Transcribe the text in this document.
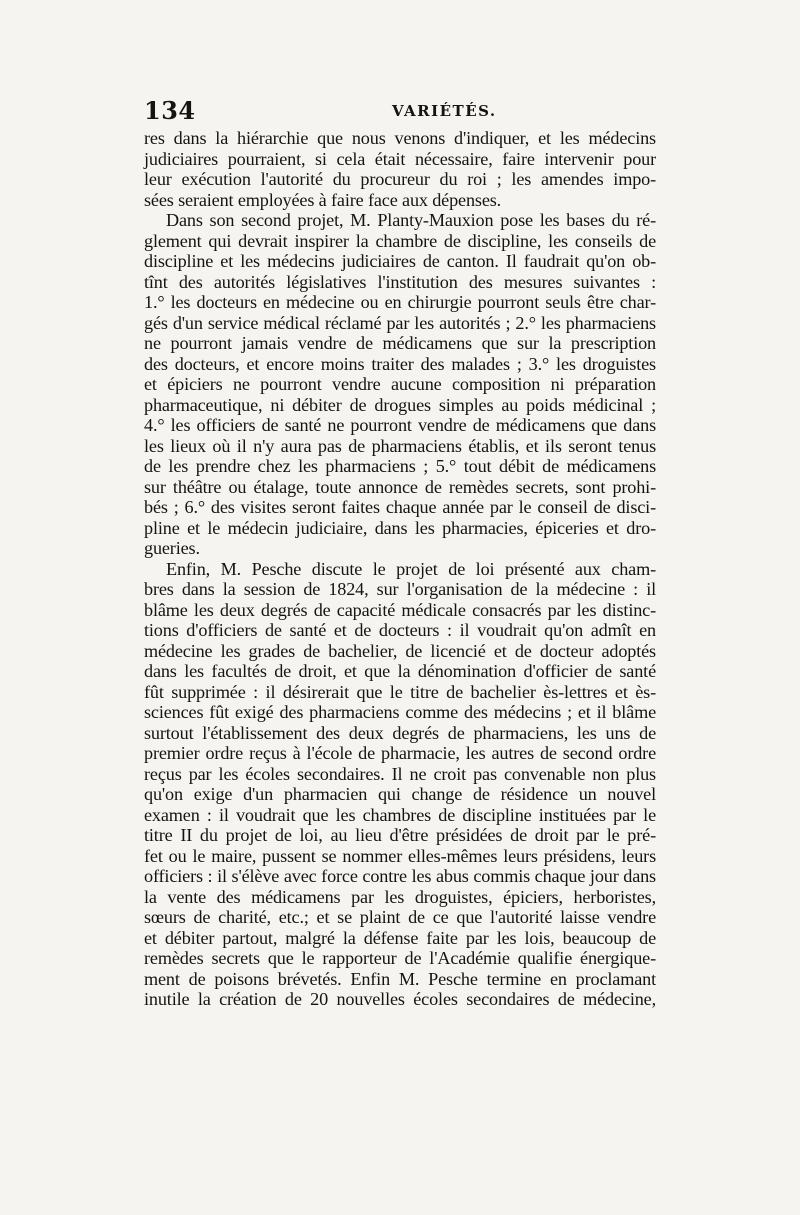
134	VARIÉTÉS.
res dans la hiérarchie que nous venons d'indiquer, et les médecins
judiciaires pourraient, si cela était nécessaire, faire intervenir pour
leur exécution l'autorité du procureur du roi ; les amendes impo-
sées seraient employées à faire face aux dépenses.
Dans son second projet, M. Planty-Mauxion pose les bases du ré-
glement qui devrait inspirer la chambre de discipline, les conseils de
discipline et les médecins judiciaires de canton. Il faudrait qu'on ob-
tînt des autorités législatives l'institution des mesures suivantes :
1.° les docteurs en médecine ou en chirurgie pourront seuls être char-
gés d'un service médical réclamé par les autorités ; 2.° les pharmaciens
ne pourront jamais vendre de médicamens que sur la prescription
des docteurs, et encore moins traiter des malades ; 3.° les droguistes
et épiciers ne pourront vendre aucune composition ni préparation
pharmaceutique, ni débiter de drogues simples au poids médicinal ;
4.° les officiers de santé ne pourront vendre de médicamens que dans
les lieux où il n'y aura pas de pharmaciens établis, et ils seront tenus
de les prendre chez les pharmaciens ; 5.° tout débit de médicamens
sur théâtre ou étalage, toute annonce de remèdes secrets, sont prohi-
bés ; 6.° des visites seront faites chaque année par le conseil de disci-
pline et le médecin judiciaire, dans les pharmacies, épiceries et dro-
gueries.
Enfin, M. Pesche discute le projet de loi présenté aux cham-
bres dans la session de 1824, sur l'organisation de la médecine : il
blâme les deux degrés de capacité médicale consacrés par les distinc-
tions d'officiers de santé et de docteurs : il voudrait qu'on admît en
médecine les grades de bachelier, de licencié et de docteur adoptés
dans les facultés de droit, et que la dénomination d'officier de santé
fût supprimée : il désirerait que le titre de bachelier ès-lettres et ès-
sciences fût exigé des pharmaciens comme des médecins ; et il blâme
surtout l'établissement des deux degrés de pharmaciens, les uns de
premier ordre reçus à l'école de pharmacie, les autres de second ordre
reçus par les écoles secondaires. Il ne croit pas convenable non plus
qu'on exige d'un pharmacien qui change de résidence un nouvel
examen : il voudrait que les chambres de discipline instituées par le
titre II du projet de loi, au lieu d'être présidées de droit par le pré-
fet ou le maire, pussent se nommer elles-mêmes leurs présidens, leurs
officiers : il s'élève avec force contre les abus commis chaque jour dans
la vente des médicamens par les droguistes, épiciers, herboristes,
sœurs de charité, etc.; et se plaint de ce que l'autorité laisse vendre
et débiter partout, malgré la défense faite par les lois, beaucoup de
remèdes secrets que le rapporteur de l'Académie qualifie énergique-
ment de poisons brévetés. Enfin M. Pesche termine en proclamant
inutile la création de 20 nouvelles écoles secondaires de médecine,
